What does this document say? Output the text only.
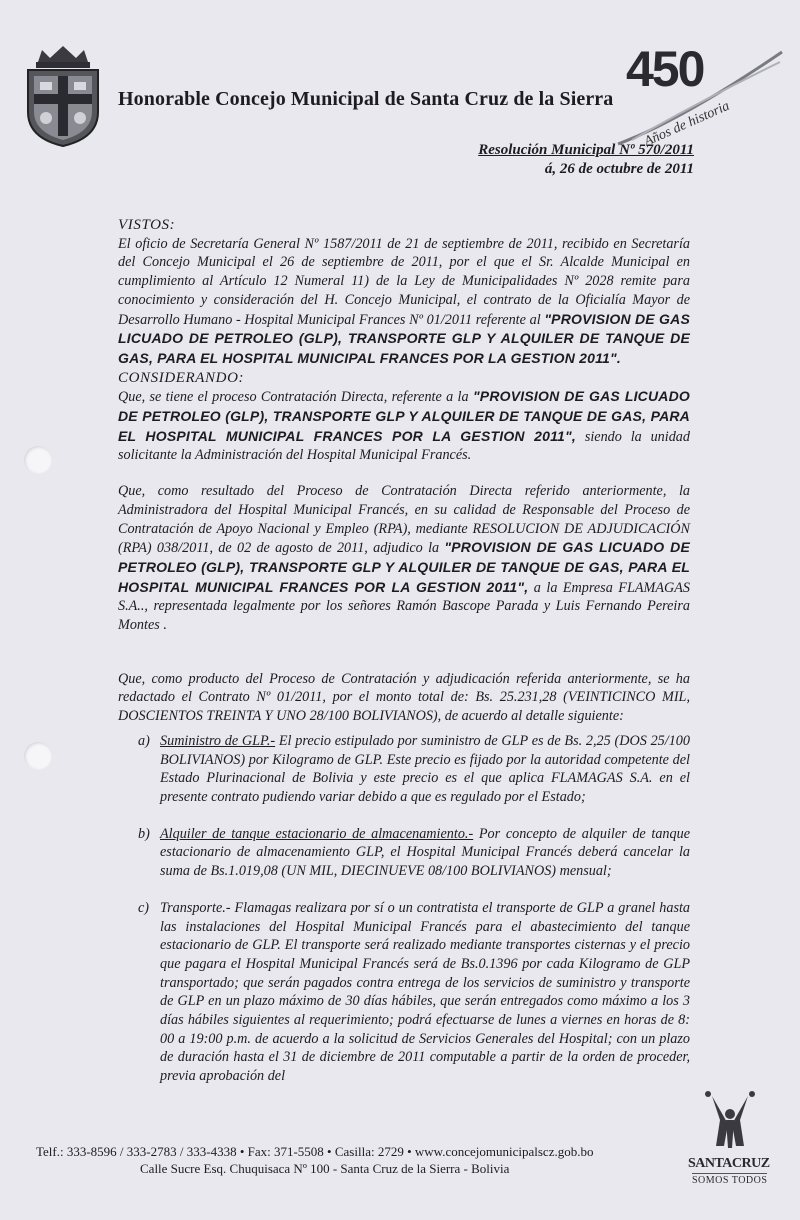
Honorable Concejo Municipal de Santa Cruz de la Sierra
450
Años de historia
Resolución Municipal Nº 570/2011
á, 26 de octubre de 2011

VISTOS:

El oficio de Secretaría General Nº 1587/2011 de 21 de septiembre de 2011, recibido en Secretaría del Concejo Municipal el 26 de septiembre de 2011, por el que el Sr. Alcalde Municipal en cumplimiento al Artículo 12 Numeral 11) de la Ley de Municipalidades Nº 2028 remite para conocimiento y consideración del H. Concejo Municipal, el contrato de la Oficialía Mayor de Desarrollo Humano - Hospital Municipal Frances Nº 01/2011 referente al "PROVISION DE GAS LICUADO DE PETROLEO (GLP), TRANSPORTE GLP Y ALQUILER DE TANQUE DE GAS, PARA EL HOSPITAL MUNICIPAL FRANCES POR LA GESTION 2011".

CONSIDERANDO:

Que, se tiene el proceso Contratación Directa, referente a la "PROVISION DE GAS LICUADO DE PETROLEO (GLP), TRANSPORTE GLP Y ALQUILER DE TANQUE DE GAS, PARA EL HOSPITAL MUNICIPAL FRANCES POR LA GESTION 2011", siendo la unidad solicitante la Administración del Hospital Municipal Francés.

Que, como resultado del Proceso de Contratación Directa referido anteriormente, la Administradora del Hospital Municipal Francés, en su calidad de Responsable del Proceso de Contratación de Apoyo Nacional y Empleo (RPA), mediante RESOLUCION DE ADJUDICACIÓN (RPA) 038/2011, de 02 de agosto de 2011, adjudico la "PROVISION DE GAS LICUADO DE PETROLEO (GLP), TRANSPORTE GLP Y ALQUILER DE TANQUE DE GAS, PARA EL HOSPITAL MUNICIPAL FRANCES POR LA GESTION 2011", a la Empresa FLAMAGAS S.A.., representada legalmente por los señores Ramón Bascope Parada y Luis Fernando Pereira Montes .

Que, como producto del Proceso de Contratación y adjudicación referida anteriormente, se ha redactado el Contrato Nº 01/2011, por el monto total de: Bs. 25.231,28 (VEINTICINCO MIL, DOSCIENTOS TREINTA Y UNO 28/100 BOLIVIANOS), de acuerdo al detalle siguiente:

a) Suministro de GLP.- El precio estipulado por suministro de GLP es de Bs. 2,25 (DOS 25/100 BOLIVIANOS) por Kilogramo de GLP. Este precio es fijado por la autoridad competente del Estado Plurinacional de Bolivia y este precio es el que aplica FLAMAGAS S.A. en el presente contrato pudiendo variar debido a que es regulado por el Estado;

b) Alquiler de tanque estacionario de almacenamiento.- Por concepto de alquiler de tanque estacionario de almacenamiento GLP, el Hospital Municipal Francés deberá cancelar la suma de Bs.1.019,08 (UN MIL, DIECINUEVE 08/100 BOLIVIANOS) mensual;

c) Transporte.- Flamagas realizara por sí o un contratista el transporte de GLP a granel hasta las instalaciones del Hospital Municipal Francés para el abastecimiento del tanque estacionario de GLP. El transporte será realizado mediante transportes cisternas y el precio que pagara el Hospital Municipal Francés será de Bs.0.1396 por cada Kilogramo de GLP transportado; que serán pagados contra entrega de los servicios de suministro y transporte de GLP en un plazo máximo de 30 días hábiles, que serán entregados como máximo a los 3 días hábiles siguientes al requerimiento; podrá efectuarse de lunes a viernes en horas de 8: 00 a 19:00 p.m. de acuerdo a la solicitud de Servicios Generales del Hospital; con un plazo de duración hasta el 31 de diciembre de 2011 computable a partir de la orden de proceder, previa aprobación del

Telf.: 333-8596 / 333-2783 / 333-4338 • Fax: 371-5508 • Casilla: 2729 • www.concejomunicipalscz.gob.bo
Calle Sucre Esq. Chuquisaca Nº 100 - Santa Cruz de la Sierra - Bolivia	SANTACRUZ
SOMOS TODOS
